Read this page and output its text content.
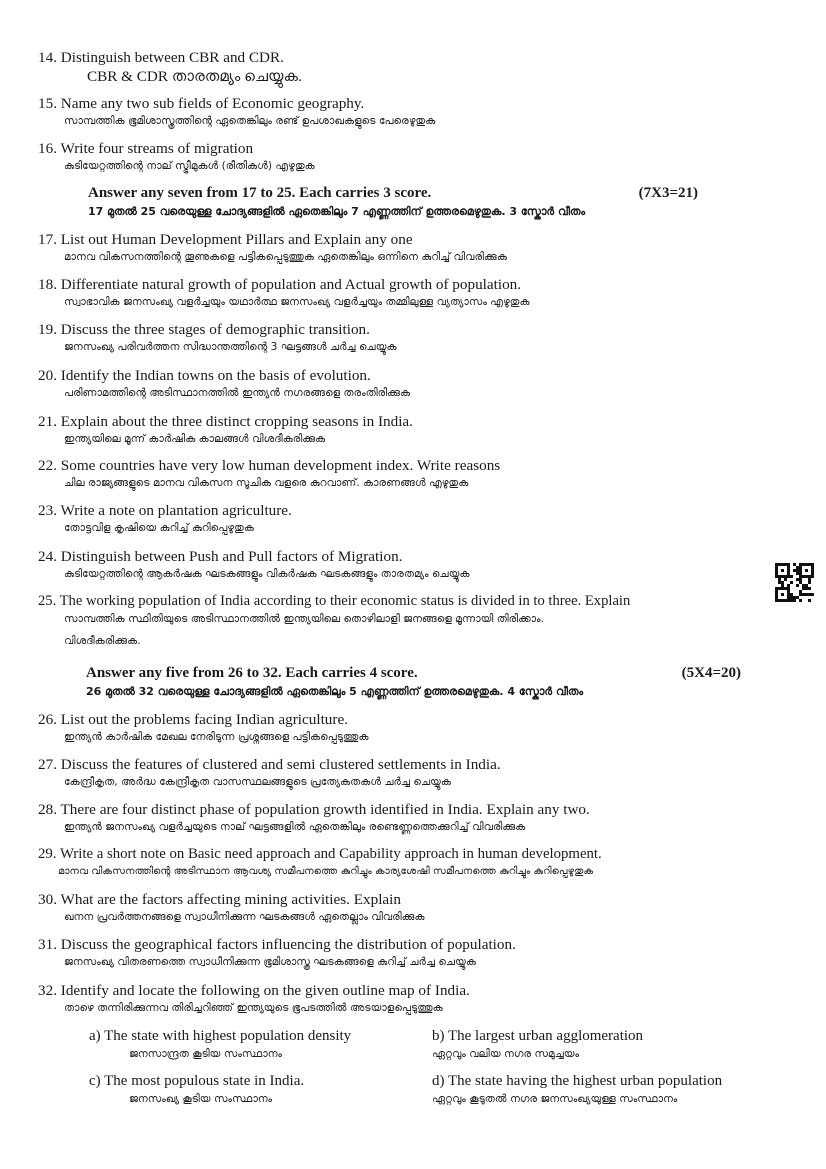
14. Distinguish between CBR and CDR.
CBR & CDR താരതമ്യം ചെയ്യുക.
15. Name any two sub fields of Economic geography.
സാമ്പത്തിക ഭൂമിശാസ്ത്രത്തിന്റെ ഏതെങ്കിലും രണ്ട് ഉപശാഖകളുടെ പേരെഴുതുക
16. Write four streams of migration
കുടിയേറ്റത്തിന്റെ നാല് സ്ട്രീമുകൾ (രീതികൾ) എഴുതുക
Answer any seven from 17 to 25. Each carries 3 score.	(7X3=21)
17 മുതൽ 25 വരെയുള്ള ചോദ്യങ്ങളിൽ ഏതെങ്കിലും 7 എണ്ണത്തിന് ഉത്തരമെഴുതുക. 3 സ്കോർ വീതം
17. List out Human Development Pillars and Explain any one
മാനവ വികസനത്തിന്റെ തൂണുകളെ പട്ടികപ്പെടുത്തുക ഏതെങ്കിലും ഒന്നിനെ കുറിച്ച് വിവരിക്കുക
18. Differentiate natural growth of population and Actual growth of population.
സ്വാഭാവിക ജനസംഖ്യ വളർച്ചയും യഥാർത്ഥ ജനസംഖ്യ വളർച്ചയും തമ്മിലുള്ള വ്യത്യാസം എഴുതുക
19. Discuss the three stages of demographic transition.
ജനസംഖ്യ പരിവർത്തന സിദ്ധാന്തത്തിന്റെ 3 ഘട്ടങ്ങൾ ചർച്ച ചെയ്യുക
20. Identify the Indian towns on the basis of evolution.
പരിണാമത്തിന്റെ അടിസ്ഥാനത്തിൽ ഇന്ത്യൻ നഗരങ്ങളെ തരംതിരിക്കുക
21. Explain about the three distinct cropping seasons in India.
ഇന്ത്യയിലെ മൂന്ന് കാർഷിക കാലങ്ങൾ വിശദീകരിക്കുക
22. Some countries have very low human development index. Write reasons
ചില രാജ്യങ്ങളുടെ മാനവ വികസന സൂചിക വളരെ കുറവാണ്. കാരണങ്ങൾ എഴുതുക
23. Write a note on plantation agriculture.
തോട്ടവിള കൃഷിയെ കുറിച്ച് കുറിപ്പെഴുതുക
24. Distinguish between Push and Pull factors of Migration.
കുടിയേറ്റത്തിന്റെ ആകർഷക ഘടകങ്ങളും വികർഷക ഘടകങ്ങളും താരതമ്യം ചെയ്യുക
25. The working population of India according to their economic status is divided in to three. Explain
സാമ്പത്തിക സ്ഥിതിയുടെ അടിസ്ഥാനത്തിൽ ഇന്ത്യയിലെ തൊഴിലാളി ജനങ്ങളെ മൂന്നായി തിരിക്കാം.
വിശദീകരിക്കുക.
Answer any five from 26 to 32. Each carries 4 score.	(5X4=20)
26 മുതൽ 32 വരെയുള്ള ചോദ്യങ്ങളിൽ ഏതെങ്കിലും 5 എണ്ണത്തിന് ഉത്തരമെഴുതുക. 4 സ്കോർ വീതം
26. List out the problems facing Indian agriculture.
ഇന്ത്യൻ കാർഷിക മേഖല നേരിടുന്ന പ്രശ്നങ്ങളെ പട്ടികപ്പെടുത്തുക
27. Discuss the features of clustered and semi clustered settlements in India.
കേന്ദ്രീകൃത, അർദ്ധ കേന്ദ്രീകൃത വാസസ്ഥലങ്ങളുടെ പ്രത്യേകതകൾ ചർച്ച ചെയ്യുക
28. There are four distinct phase of population growth identified in India. Explain any two.
ഇന്ത്യൻ ജനസംഖ്യ വളർച്ചയുടെ നാല് ഘട്ടങ്ങളിൽ ഏതെങ്കിലും രണ്ടെണ്ണത്തെക്കുറിച്ച് വിവരിക്കുക
29. Write a short note on Basic need approach and Capability approach in human development.
മാനവ വികസനത്തിന്റെ അടിസ്ഥാന ആവശ്യ സമീപനത്തെ കുറിച്ചും കാര്യശേഷി സമീപനത്തെ കുറിച്ചും കുറിപ്പെഴുതുക
30. What are the factors affecting mining activities. Explain
ഖനന പ്രവർത്തനങ്ങളെ സ്വാധീനിക്കുന്ന ഘടകങ്ങൾ ഏതെല്ലാം വിവരിക്കുക
31. Discuss the geographical factors influencing the distribution of population.
ജനസംഖ്യ വിതരണത്തെ സ്വാധീനിക്കുന്ന ഭൂമിശാസ്ത്ര ഘടകങ്ങളെ കുറിച്ച് ചർച്ച ചെയ്യുക
32. Identify and locate the following on the given outline map of India.
താഴെ തന്നിരിക്കുന്നവ തിരിച്ചറിഞ്ഞ് ഇന്ത്യയുടെ ഭൂപടത്തിൽ അടയാളപ്പെടുത്തുക
a) The state with highest population density
ജനസാന്ദ്രത കൂടിയ സംസ്ഥാനം
b) The largest urban agglomeration
ഏറ്റവും വലിയ നഗര സമുച്ചയം
c) The most populous state in India.
ജനസംഖ്യ കൂടിയ സംസ്ഥാനം
d) The state having the highest urban population
ഏറ്റവും കൂടുതൽ നഗര ജനസംഖ്യയുള്ള സംസ്ഥാനം
